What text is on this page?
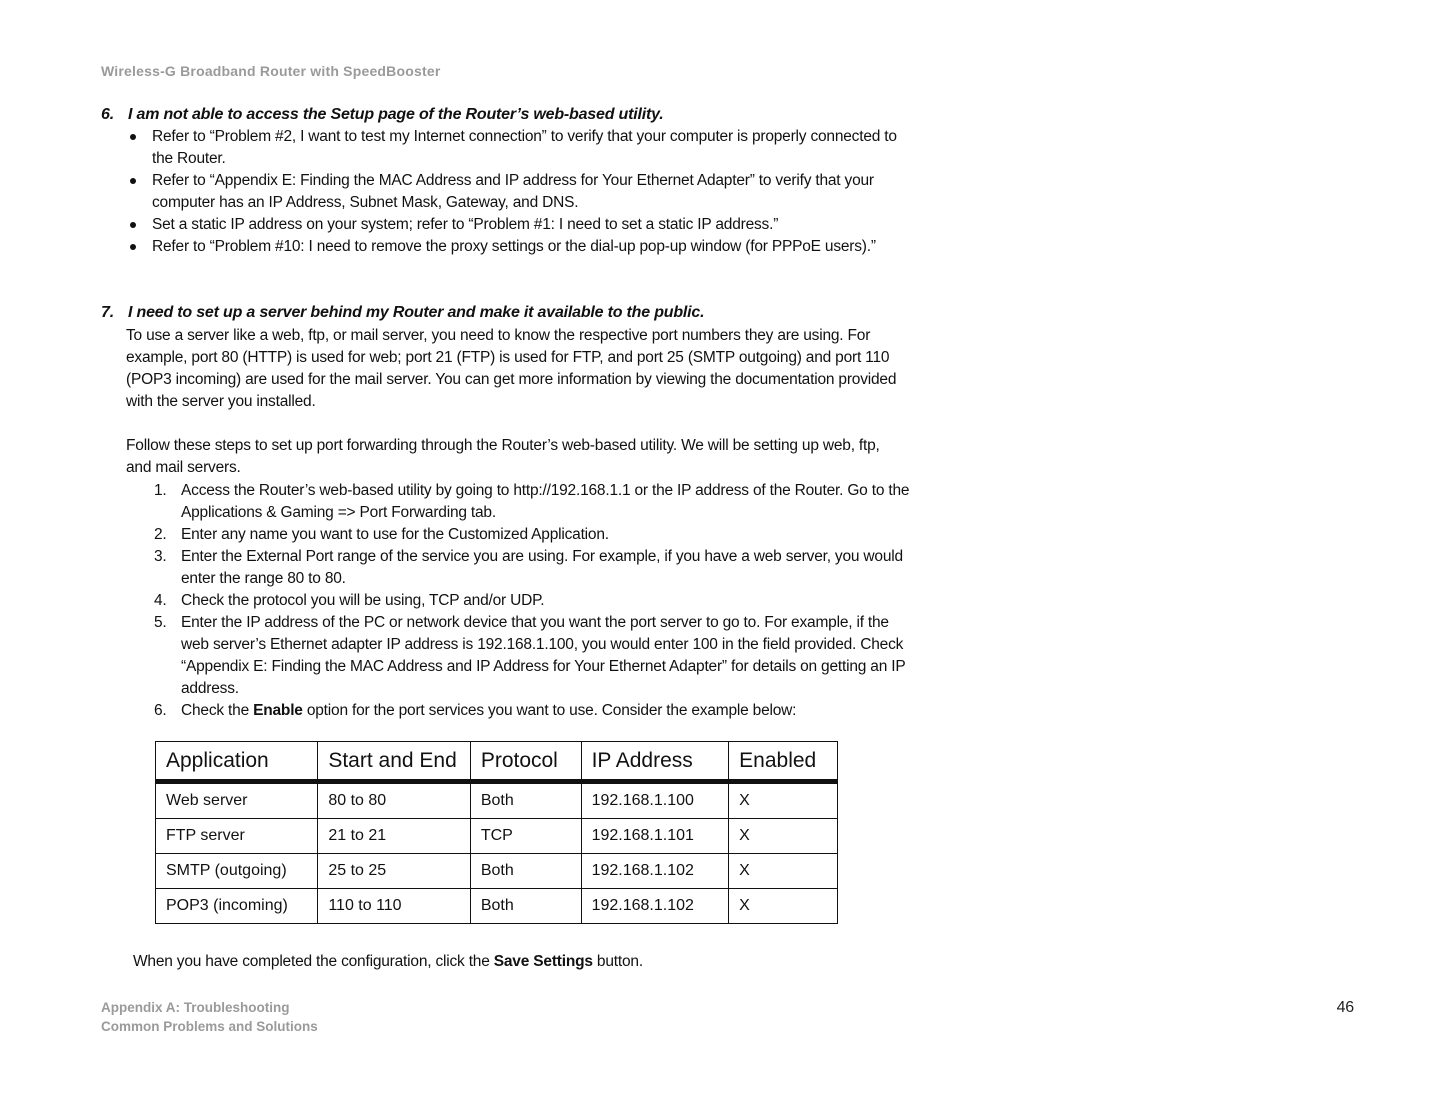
Wireless-G Broadband Router with SpeedBooster
6. I am not able to access the Setup page of the Router’s web-based utility.
Refer to “Problem #2, I want to test my Internet connection” to verify that your computer is properly connected to the Router.
Refer to “Appendix E: Finding the MAC Address and IP address for Your Ethernet Adapter” to verify that your computer has an IP Address, Subnet Mask, Gateway, and DNS.
Set a static IP address on your system; refer to “Problem #1: I need to set a static IP address.”
Refer to “Problem #10: I need to remove the proxy settings or the dial-up pop-up window (for PPPoE users).”
7. I need to set up a server behind my Router and make it available to the public.

To use a server like a web, ftp, or mail server, you need to know the respective port numbers they are using. For example, port 80 (HTTP) is used for web; port 21 (FTP) is used for FTP, and port 25 (SMTP outgoing) and port 110 (POP3 incoming) are used for the mail server. You can get more information by viewing the documentation provided with the server you installed.

Follow these steps to set up port forwarding through the Router’s web-based utility. We will be setting up web, ftp, and mail servers.

1. Access the Router’s web-based utility by going to http://192.168.1.1 or the IP address of the Router. Go to the Applications & Gaming => Port Forwarding tab.
2. Enter any name you want to use for the Customized Application.
3. Enter the External Port range of the service you are using. For example, if you have a web server, you would enter the range 80 to 80.
4. Check the protocol you will be using, TCP and/or UDP.
5. Enter the IP address of the PC or network device that you want the port server to go to. For example, if the web server’s Ethernet adapter IP address is 192.168.1.100, you would enter 100 in the field provided. Check “Appendix E: Finding the MAC Address and IP Address for Your Ethernet Adapter” for details on getting an IP address.
6. Check the Enable option for the port services you want to use. Consider the example below:
Application	Start and End	Protocol	IP Address	Enabled
Web server	80 to 80	Both	192.168.1.100	X
FTP server	21 to 21	TCP	192.168.1.101	X
SMTP (outgoing)	25 to 25	Both	192.168.1.102	X
POP3 (incoming)	110 to 110	Both	192.168.1.102	X

When you have completed the configuration, click the Save Settings button.

Appendix A: Troubleshooting
Common Problems and Solutions
46
